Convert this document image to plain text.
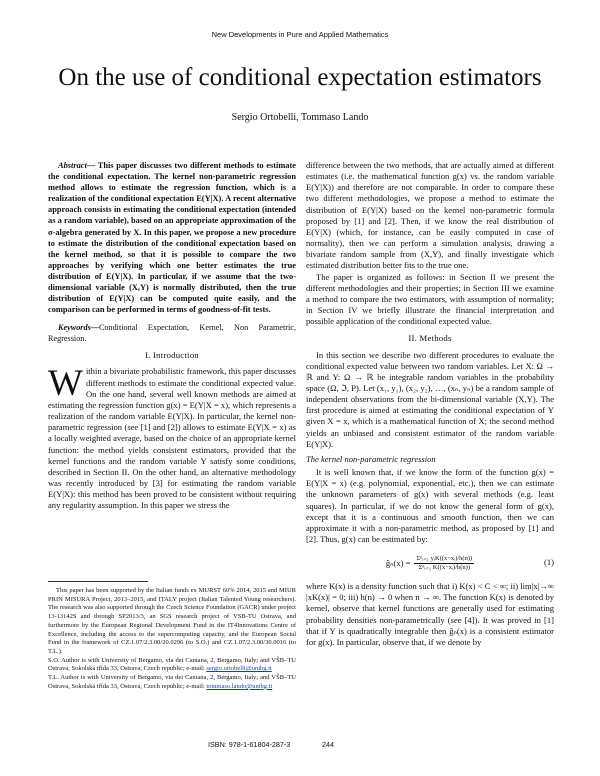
New Developments in Pure and Applied Mathematics
On the use of conditional expectation estimators
Sergio Ortobelli, Tommaso Lando

Abstract— This paper discusses two different methods to estimate the conditional expectation. The kernel non-parametric regression method allows to estimate the regression function, which is a realization of the conditional expectation E(Y|X). A recent alternative approach consists in estimating the conditional expectation (intended as a random variable), based on an appropriate approximation of the σ-algebra generated by X. In this paper, we propose a new procedure to estimate the distribution of the conditional expectation based on the kernel method, so that it is possible to compare the two approaches by verifying which one better estimates the true distribution of E(Y|X). In particular, if we assume that the two-dimensional variable (X,Y) is normally distributed, then the true distribution of E(Y|X) can be computed quite easily, and the comparison can be performed in terms of goodness-of-fit tests.

Keywords—Conditional Expectation, Kernel, Non Parametric, Regression.

I. Introduction

Within a bivariate probabilistic framework, this paper discusses different methods to estimate the conditional expected value. On the one hand, several well known methods are aimed at estimating the regression function g(x) = E(Y|X = x), which represents a realization of the random variable E(Y|X). In particular, the kernel non-parametric regression (see [1] and [2]) allows to estimate E(Y|X = x) as a locally weighted average, based on the choice of an appropriate kernel function: the method yields consistent estimators, provided that the kernel functions and the random variable Y satisfy some conditions, described in Section II. On the other hand, an alternative methodology was recently introduced by [3] for estimating the random variable E(Y|X): this method has been proved to be consistent without requiring any regularity assumption. In this paper we stress the

This paper has been supported by the Italian funds ex MURST 60% 2014, 2015 and MIUR PRIN MISURA Project, 2013–2015, and ITALY project (Italian Talented Young researchers). The research was also supported through the Czech Science Foundation (GACR) under project 13-13142S and through SP2013/3, an SGS research project of VSB-TU Ostrava, and furthermore by the European Regional Development Fund in the IT4Innovations Centre of Excellence, including the access to the supercomputing capacity, and the European Social Fund in the framework of CZ.1.07/2.3.00/20.0296 (to S.O.) and CZ.1.07/2.3.00/30.0016 (to T.L.).

S.O. Author is with University of Bergamo, via dei Caniana, 2, Bergamo, Italy; and VŠB–TU Ostrava, Sokolská třída 33, Ostrava, Czech republic; e-mail: sergio.ortobelli@unibg.it

T.L. Author is with University of Bergamo, via dei Caniana, 2, Bergamo, Italy; and VŠB–TU Ostrava, Sokolská třída 33, Ostrava, Czech republic; e-mail: tommaso.lando@unibg.it

difference between the two methods, that are actually aimed at different estimates (i.e. the mathematical function g(x) vs. the random variable E(Y|X)) and therefore are not comparable. In order to compare these two different methodologies, we propose a method to estimate the distribution of E(Y|X) based on the kernel non-parametric formula proposed by [1] and [2]. Then, if we know the real distribution of E(Y|X) (which, for instance, can be easily computed in case of normality), then we can perform a simulation analysis, drawing a bivariate random sample from (X,Y), and finally investigate which estimated distribution better fits to the true one.

The paper is organized as follows: in Section II we present the different methodologies and their properties; in Section III we examine a method to compare the two estimators, with assumption of normality; in Section IV we briefly illustrate the financial interpretation and possible application of the conditional expected value.

II. Methods

In this section we describe two different procedures to evaluate the conditional expected value between two random variables. Let X: Ω → ℝ and Y: Ω → ℝ be integrable random variables in the probability space (Ω, ℑ, P). Let (x₁, y₁), (x₂, y₂), …, (xₙ, yₙ) be a random sample of independent observations from the bi-dimensional variable (X,Y). The first procedure is aimed at estimating the conditional expectation of Y given X = x, which is a mathematical function of X; the second method yields an unbiased and consistent estimator of the random variable E(Y|X).

The kernel non-parametric regression

It is well known that, if we know the form of the function g(x) = E(Y|X = x) (e.g. polynomial, exponential, etc.), then we can estimate the unknown parameters of g(x) with several methods (e.g. least squares). In particular, if we do not know the general form of g(x), except that it is a continuous and smooth function, then we can approximate it with a non-parametric method, as proposed by [1] and [2]. Thus, g(x) can be estimated by:

ĝₙ(x) = $\frac{\text{Σⁿᵢ₌₁ yᵢK((x−xᵢ)/h(n))}}{\text{Σⁿᵢ₌₁ K((x−xᵢ)/h(n))}}$	(1)

where K(x) is a density function such that i) K(x) < C < ∞; ii) lim|x|→∞ |xK(x)| = 0; iii) h(n) → 0 when n → ∞. The function K(x) is denoted by kernel, observe that kernel functions are generally used for estimating probability densities non-parametrically (see [4]). It was proved in [1] that if Y is quadratically integrable then ĝₙ(x) is a consistent estimator for g(x). In particular, observe that, if we denote by

ISBN: 978-1-61804-287-3	244
